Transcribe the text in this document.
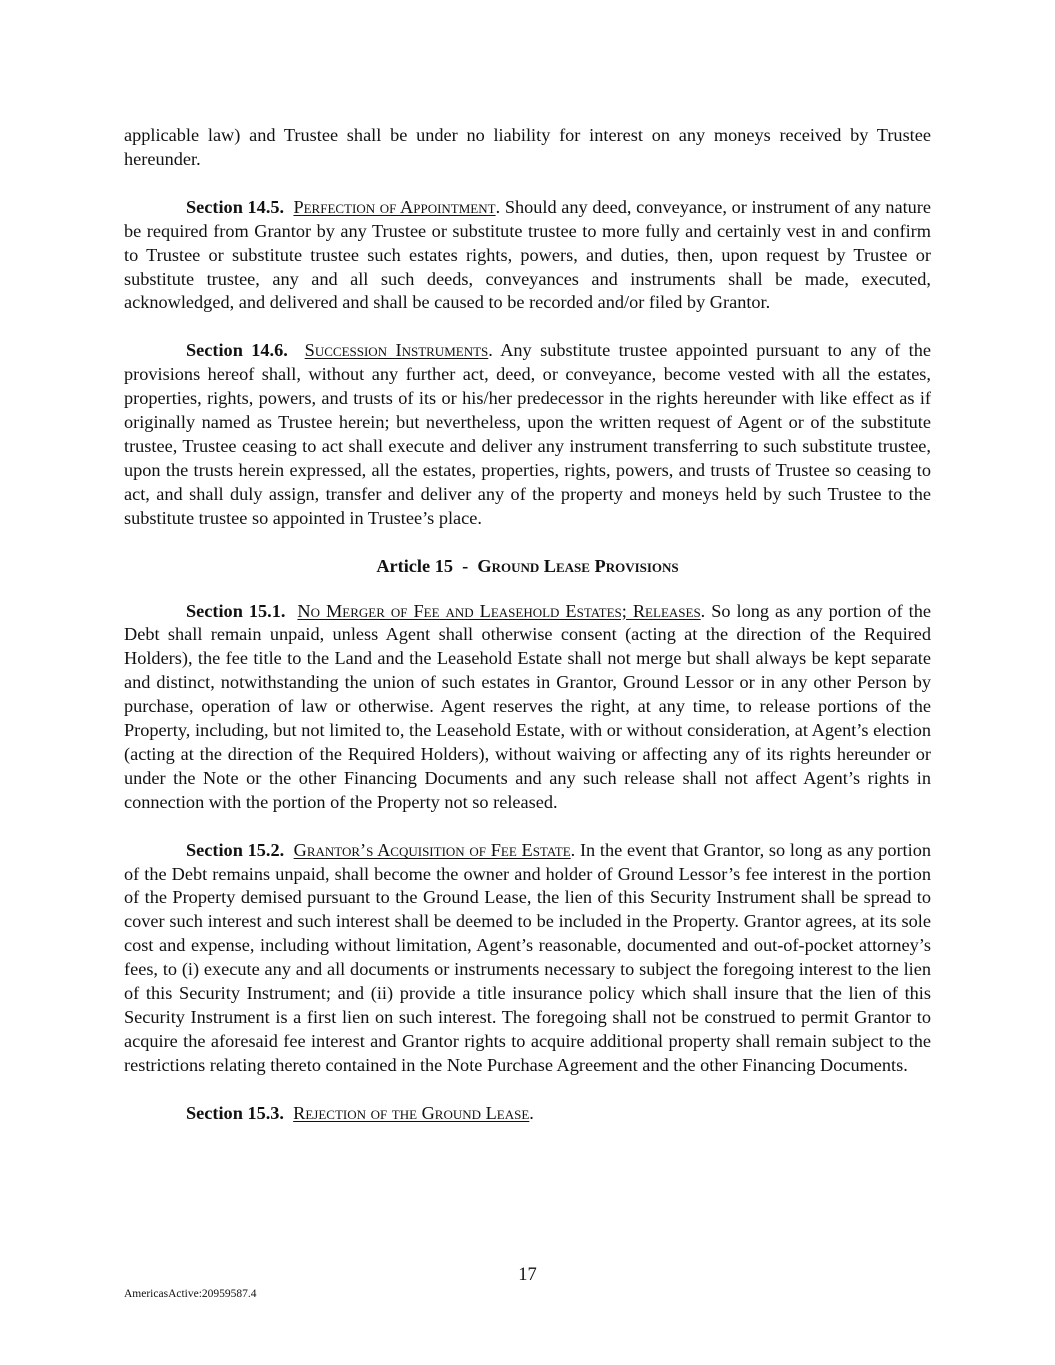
applicable law) and Trustee shall be under no liability for interest on any moneys received by Trustee hereunder.

Section 14.5. Perfection of Appointment. Should any deed, conveyance, or instrument of any nature be required from Grantor by any Trustee or substitute trustee to more fully and certainly vest in and confirm to Trustee or substitute trustee such estates rights, powers, and duties, then, upon request by Trustee or substitute trustee, any and all such deeds, conveyances and instruments shall be made, executed, acknowledged, and delivered and shall be caused to be recorded and/or filed by Grantor.

Section 14.6. Succession Instruments. Any substitute trustee appointed pursuant to any of the provisions hereof shall, without any further act, deed, or conveyance, become vested with all the estates, properties, rights, powers, and trusts of its or his/her predecessor in the rights hereunder with like effect as if originally named as Trustee herein; but nevertheless, upon the written request of Agent or of the substitute trustee, Trustee ceasing to act shall execute and deliver any instrument transferring to such substitute trustee, upon the trusts herein expressed, all the estates, properties, rights, powers, and trusts of Trustee so ceasing to act, and shall duly assign, transfer and deliver any of the property and moneys held by such Trustee to the substitute trustee so appointed in Trustee’s place.

Article 15  -  Ground Lease Provisions

Section 15.1. No Merger of Fee and Leasehold Estates; Releases. So long as any portion of the Debt shall remain unpaid, unless Agent shall otherwise consent (acting at the direction of the Required Holders), the fee title to the Land and the Leasehold Estate shall not merge but shall always be kept separate and distinct, notwithstanding the union of such estates in Grantor, Ground Lessor or in any other Person by purchase, operation of law or otherwise. Agent reserves the right, at any time, to release portions of the Property, including, but not limited to, the Leasehold Estate, with or without consideration, at Agent’s election (acting at the direction of the Required Holders), without waiving or affecting any of its rights hereunder or under the Note or the other Financing Documents and any such release shall not affect Agent’s rights in connection with the portion of the Property not so released.

Section 15.2. Grantor’s Acquisition of Fee Estate. In the event that Grantor, so long as any portion of the Debt remains unpaid, shall become the owner and holder of Ground Lessor’s fee interest in the portion of the Property demised pursuant to the Ground Lease, the lien of this Security Instrument shall be spread to cover such interest and such interest shall be deemed to be included in the Property. Grantor agrees, at its sole cost and expense, including without limitation, Agent’s reasonable, documented and out-of-pocket attorney’s fees, to (i) execute any and all documents or instruments necessary to subject the foregoing interest to the lien of this Security Instrument; and (ii) provide a title insurance policy which shall insure that the lien of this Security Instrument is a first lien on such interest. The foregoing shall not be construed to permit Grantor to acquire the aforesaid fee interest and Grantor rights to acquire additional property shall remain subject to the restrictions relating thereto contained in the Note Purchase Agreement and the other Financing Documents.

Section 15.3. Rejection of the Ground Lease.

17
AmericasActive:20959587.4
